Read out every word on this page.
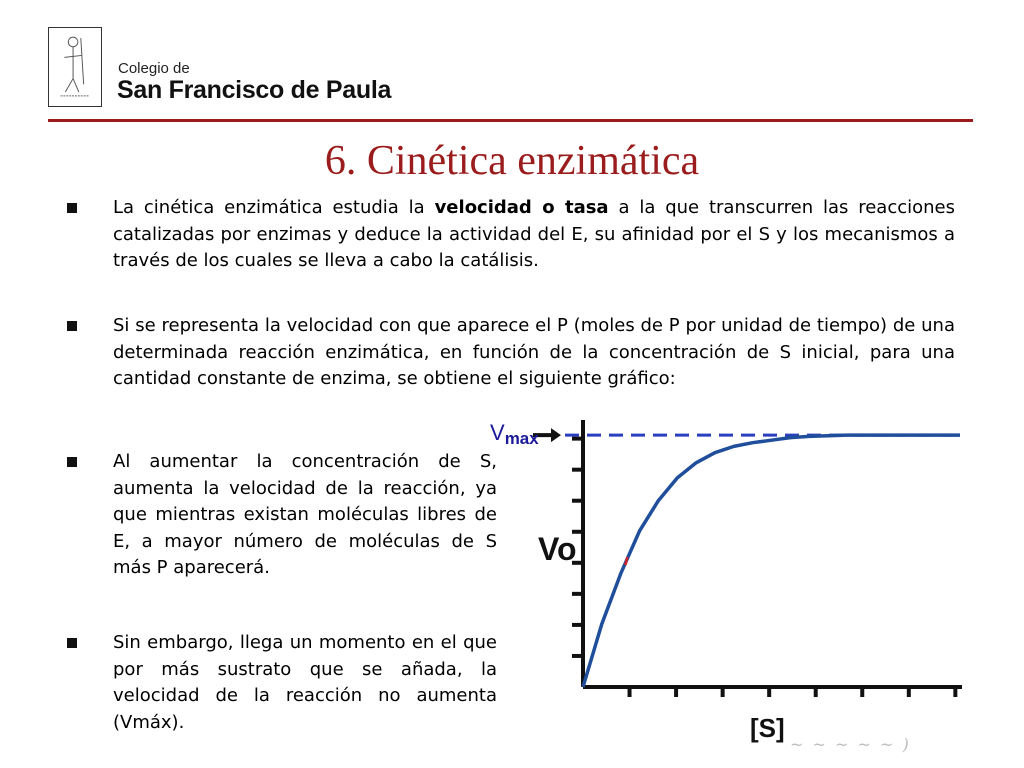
Colegio de
San Francisco de Paula
6. Cinética enzimática
La cinética enzimática estudia la velocidad o tasa a la que transcurren las reacciones catalizadas por enzimas y deduce la actividad del E, su afinidad por el S y los mecanismos a través de los cuales se lleva a cabo la catálisis.
Si se representa la velocidad con que aparece el P (moles de P por unidad de tiempo) de una determinada reacción enzimática, en función de la concentración de S inicial, para una cantidad constante de enzima, se obtiene el siguiente gráfico:
Al aumentar la concentración de S, aumenta la velocidad de la reacción, ya que mientras existan moléculas libres de E, a mayor número de moléculas de S más P aparecerá.
Sin embargo, llega un momento en el que por más sustrato que se añada, la velocidad de la reacción no aumenta (Vmáx).
Vmax
Vo
[S]
~ ~ ~ ~ ~ )
